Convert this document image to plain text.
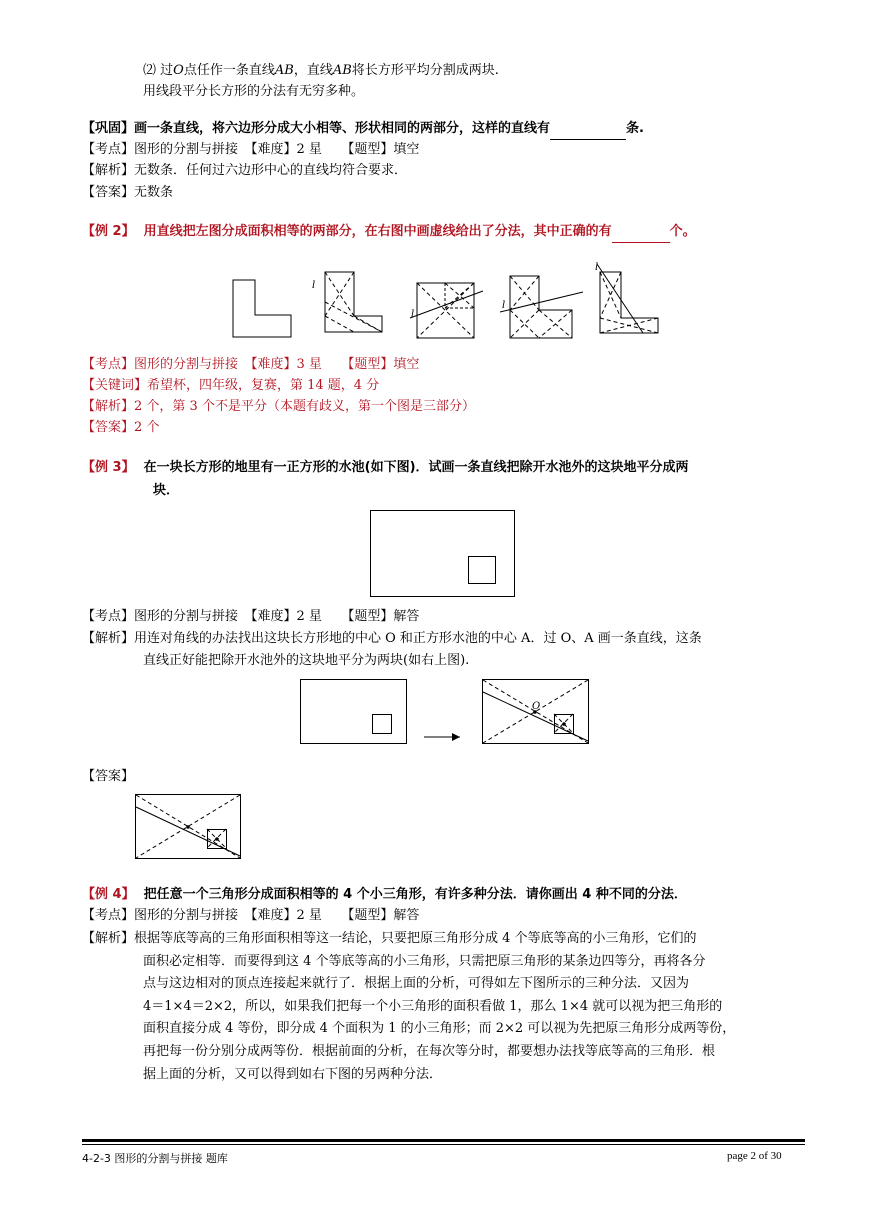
⑵ 过O点任作一条直线AB，直线AB将长方形平均分割成两块.
用线段平分长方形的分法有无穷多种。
【巩固】画一条直线，将六边形分成大小相等、形状相同的两部分，这样的直线有	条.
【考点】图形的分割与拼接　【难度】2 星　　【题型】填空
【解析】无数条．任何过六边形中心的直线均符合要求．
【答案】无数条
【例 2】 用直线把左图分成面积相等的两部分，在右图中画虚线给出了分法，其中正确的有	个。
l
l
l
l
【考点】图形的分割与拼接　【难度】3 星　　【题型】填空
【关键词】希望杯，四年级，复赛，第 14 题，4 分
【解析】2 个，第 3 个不是平分（本题有歧义，第一个图是三部分）
【答案】2 个
【例 3】 在一块长方形的地里有一正方形的水池(如下图)．试画一条直线把除开水池外的这块地平分成两
块．
【考点】图形的分割与拼接　【难度】2 星　　【题型】解答
【解析】用连对角线的办法找出这块长方形地的中心 O 和正方形水池的中心 A．过 O、A 画一条直线，这条
直线正好能把除开水池外的这块地平分为两块(如右上图).
O
【答案】
【例 4】 把任意一个三角形分成面积相等的 4 个小三角形，有许多种分法．请你画出 4 种不同的分法．
【考点】图形的分割与拼接　【难度】2 星　　【题型】解答
【解析】根据等底等高的三角形面积相等这一结论，只要把原三角形分成 4 个等底等高的小三角形，它们的
面积必定相等．而要得到这 4 个等底等高的小三角形，只需把原三角形的某条边四等分，再将各分
点与这边相对的顶点连接起来就行了．根据上面的分析，可得如左下图所示的三种分法．又因为
4＝1×4＝2×2，所以，如果我们把每一个小三角形的面积看做 1，那么 1×4 就可以视为把三角形的
面积直接分成 4 等份，即分成 4 个面积为 1 的小三角形；而 2×2 可以视为先把原三角形分成两等份，
再把每一份分别分成两等份．根据前面的分析，在每次等分时，都要想办法找等底等高的三角形．根
据上面的分析，又可以得到如右下图的另两种分法．
4-2-3 图形的分割与拼接 题库	page 2 of 30
